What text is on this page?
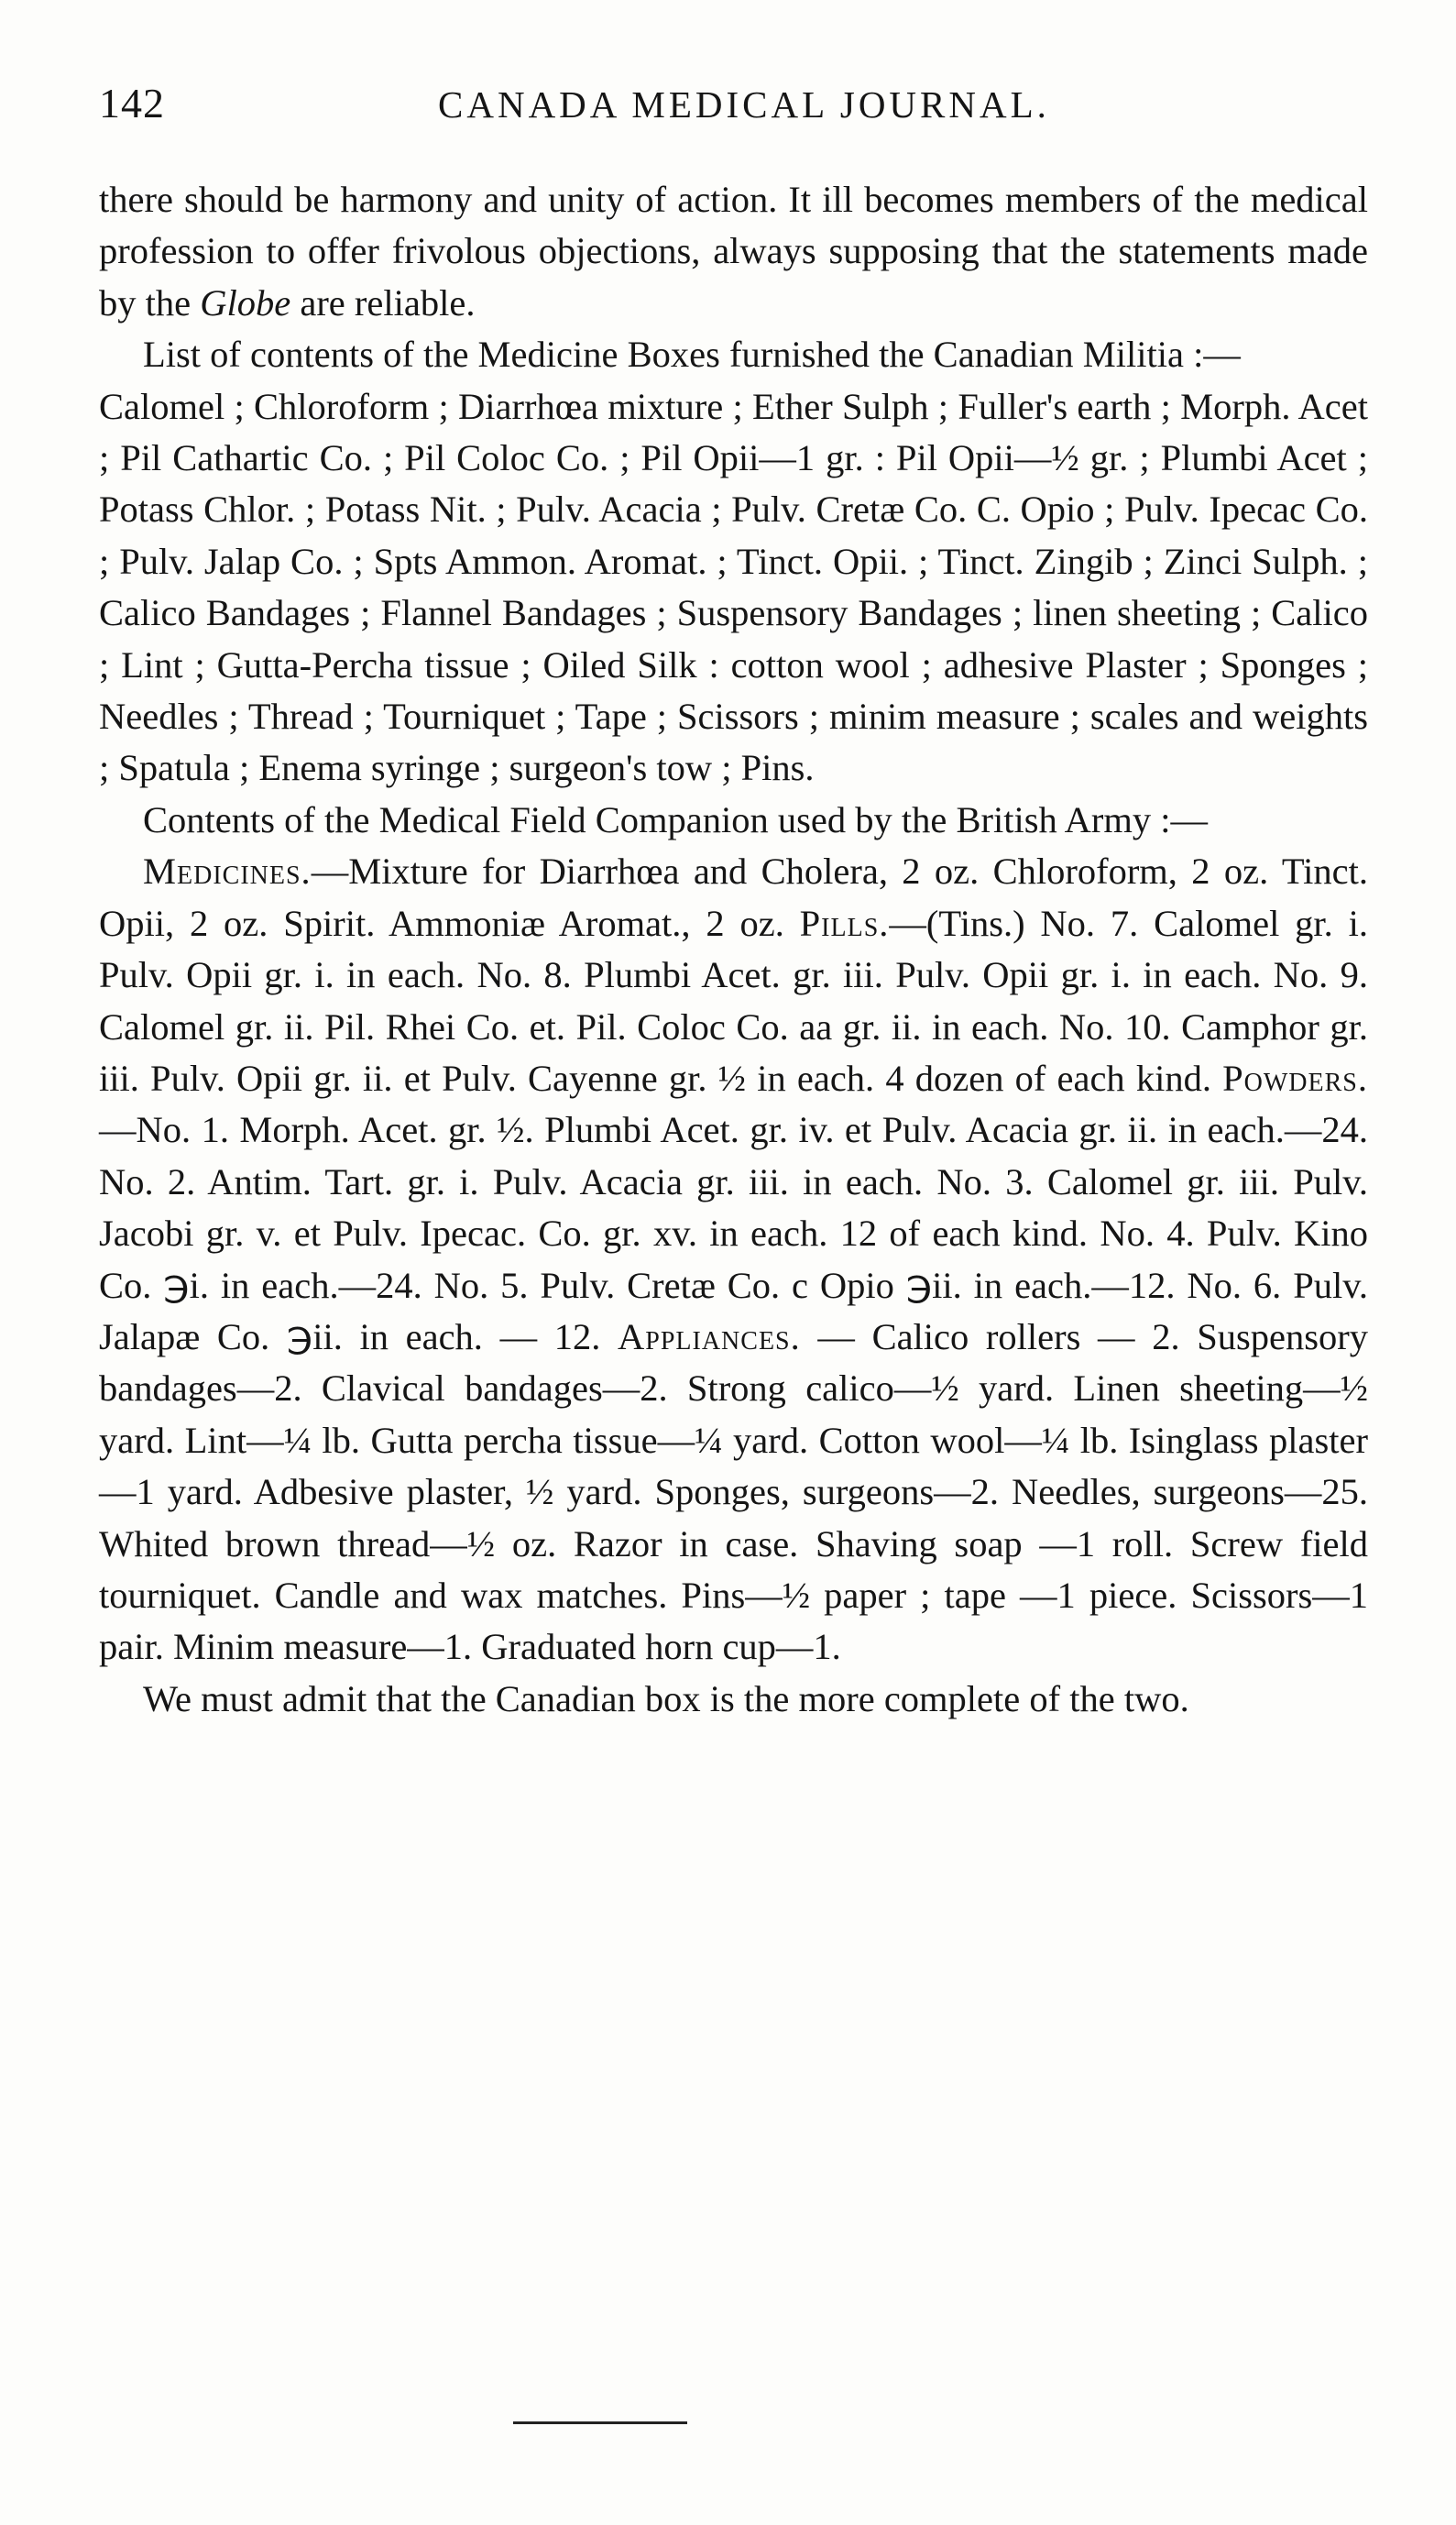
142	CANADA MEDICAL JOURNAL.

there should be harmony and unity of action. It ill becomes members of the medical profession to offer frivolous objections, always supposing that the statements made by the Globe are reliable.

List of contents of the Medicine Boxes furnished the Canadian Militia :—

Calomel ; Chloroform ; Diarrhœa mixture ; Ether Sulph ; Fuller's earth ; Morph. Acet ; Pil Cathartic Co. ; Pil Coloc Co. ; Pil Opii—1 gr. : Pil Opii—½ gr. ; Plumbi Acet ; Potass Chlor. ; Potass Nit. ; Pulv. Acacia ; Pulv. Cretæ Co. C. Opio ; Pulv. Ipecac Co. ; Pulv. Jalap Co. ; Spts Ammon. Aromat. ; Tinct. Opii. ; Tinct. Zingib ; Zinci Sulph. ; Calico Bandages ; Flannel Bandages ; Suspensory Bandages ; linen sheeting ; Calico ; Lint ; Gutta-Percha tissue ; Oiled Silk : cotton wool ; adhesive Plaster ; Sponges ; Needles ; Thread ; Tourniquet ; Tape ; Scissors ; minim measure ; scales and weights ; Spatula ; Enema syringe ; surgeon's tow ; Pins.

Contents of the Medical Field Companion used by the British Army :—

Medicines.—Mixture for Diarrhœa and Cholera, 2 oz. Chloroform, 2 oz. Tinct. Opii, 2 oz. Spirit. Ammoniæ Aromat., 2 oz. Pills.—(Tins.) No. 7. Calomel gr. i. Pulv. Opii gr. i. in each. No. 8. Plumbi Acet. gr. iii. Pulv. Opii gr. i. in each. No. 9. Calomel gr. ii. Pil. Rhei Co. et. Pil. Coloc Co. aa gr. ii. in each. No. 10. Camphor gr. iii. Pulv. Opii gr. ii. et Pulv. Cayenne gr. ½ in each. 4 dozen of each kind. Powders.—No. 1. Morph. Acet. gr. ½. Plumbi Acet. gr. iv. et Pulv. Acacia gr. ii. in each.—24. No. 2. Antim. Tart. gr. i. Pulv. Acacia gr. iii. in each. No. 3. Calomel gr. iii. Pulv. Jacobi gr. v. et Pulv. Ipecac. Co. gr. xv. in each. 12 of each kind. No. 4. Pulv. Kino Co. ℈i. in each.—24. No. 5. Pulv. Cretæ Co. c Opio ℈ii. in each.—12. No. 6. Pulv. Jalapæ Co. ℈ii. in each. — 12. Appliances. — Calico rollers — 2. Suspensory bandages—2. Clavical bandages—2. Strong calico—½ yard. Linen sheeting—½ yard. Lint—¼ lb. Gutta percha tissue—¼ yard. Cotton wool—¼ lb. Isinglass plaster—1 yard. Adbesive plaster, ½ yard. Sponges, surgeons—2. Needles, surgeons—25. Whited brown thread—½ oz. Razor in case. Shaving soap —1 roll. Screw field tourniquet. Candle and wax matches. Pins—½ paper ; tape —1 piece. Scissors—1 pair. Minim measure—1. Graduated horn cup—1.

We must admit that the Canadian box is the more complete of the two.
